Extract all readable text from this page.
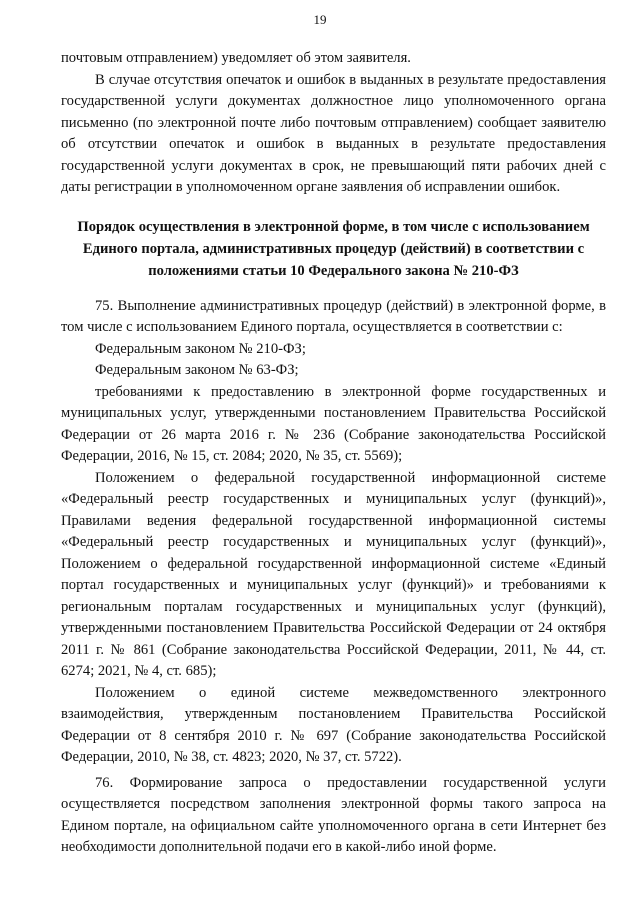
19

почтовым отправлением) уведомляет об этом заявителя.

В случае отсутствия опечаток и ошибок в выданных в результате предоставления государственной услуги документах должностное лицо уполномоченного органа письменно (по электронной почте либо почтовым отправлением) сообщает заявителю об отсутствии опечаток и ошибок в выданных в результате предоставления государственной услуги документах в срок, не превышающий пяти рабочих дней с даты регистрации в уполномоченном органе заявления об исправлении ошибок.

Порядок осуществления в электронной форме, в том числе с использованием Единого портала, административных процедур (действий) в соответствии с положениями статьи 10 Федерального закона № 210-ФЗ

75. Выполнение административных процедур (действий) в электронной форме, в том числе с использованием Единого портала, осуществляется в соответствии с:

Федеральным законом № 210-ФЗ;

Федеральным законом № 63-ФЗ;

требованиями к предоставлению в электронной форме государственных и муниципальных услуг, утвержденными постановлением Правительства Российской Федерации от 26 марта 2016 г. № 236 (Собрание законодательства Российской Федерации, 2016, № 15, ст. 2084; 2020, № 35, ст. 5569);

Положением о федеральной государственной информационной системе «Федеральный реестр государственных и муниципальных услуг (функций)», Правилами ведения федеральной государственной информационной системы «Федеральный реестр государственных и муниципальных услуг (функций)», Положением о федеральной государственной информационной системе «Единый портал государственных и муниципальных услуг (функций)» и требованиями к региональным порталам государственных и муниципальных услуг (функций), утвержденными постановлением Правительства Российской Федерации от 24 октября 2011 г. № 861 (Собрание законодательства Российской Федерации, 2011, № 44, ст. 6274; 2021, № 4, ст. 685);

Положением о единой системе межведомственного электронного взаимодействия, утвержденным постановлением Правительства Российской Федерации от 8 сентября 2010 г. № 697 (Собрание законодательства Российской Федерации, 2010, № 38, ст. 4823; 2020, № 37, ст. 5722).

76. Формирование запроса о предоставлении государственной услуги осуществляется посредством заполнения электронной формы такого запроса на Едином портале, на официальном сайте уполномоченного органа в сети Интернет без необходимости дополнительной подачи его в какой-либо иной форме.
